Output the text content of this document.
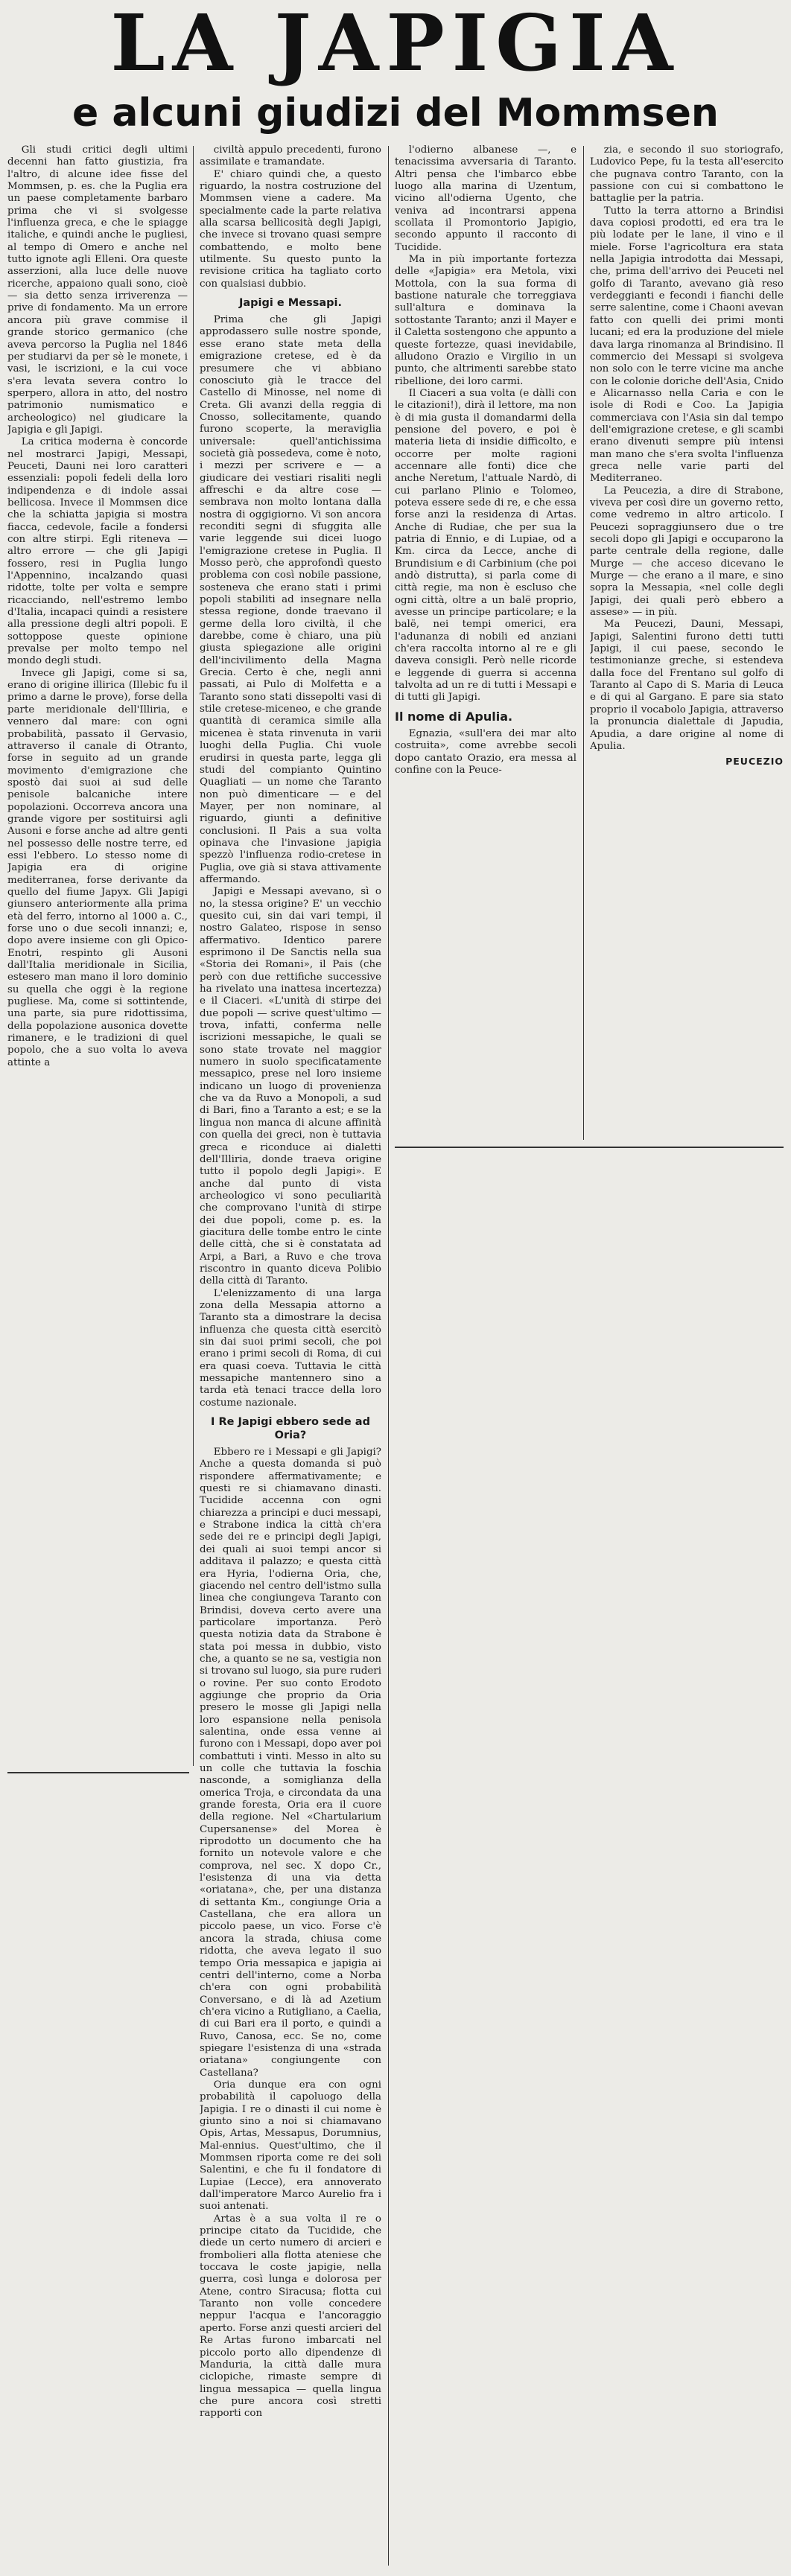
LA JAPIGIA
e alcuni giudizi del Mommsen

Gli studi critici degli ultimi decenni han fatto giustizia, fra l'altro, di alcune idee fisse del Mommsen, p. es. che la Puglia era un paese completamente barbaro prima che vi si svolgesse l'influenza greca, e che le spiagge italiche, e quindi anche le pugliesi, al tempo di Omero e anche nel tutto ignote agli Elleni. Ora queste asserzioni, alla luce delle nuove ricerche, appaiono quali sono, cioè — sia detto senza irriverenza — prive di fondamento. Ma un errore ancora più grave commise il grande storico germanico (che aveva percorso la Puglia nel 1846 per studiarvi da per sè le monete, i vasi, le iscrizioni, e la cui voce s'era levata severa contro lo sperpero, allora in atto, del nostro patrimonio numismatico e archeologico) nel giudicare la Japigia e gli Japigi.

La critica moderna è concorde nel mostrarci Japigi, Messapi, Peuceti, Dauni nei loro caratteri essenziali: popoli fedeli della loro indipendenza e di indole assai bellicosa. Invece il Mommsen dice che la schiatta japigia si mostra fiacca, cedevole, facile a fondersi con altre stirpi. Egli riteneva — altro errore — che gli Japigi fossero, resi in Puglia lungo l'Appennino, incalzando quasi ridotte, tolte per volta e sempre ricacciando, nell'estremo lembo d'Italia, incapaci quindi a resistere alla pressione degli altri popoli. E sottoppose queste opinione prevalse per molto tempo nel mondo degli studi.

Invece gli Japigi, come si sa, erano di origine illirica (Illebic fu il primo a darne le prove), forse della parte meridionale dell'Illiria, e vennero dal mare: con ogni probabilità, passato il Gervasio, attraverso il canale di Otranto, forse in seguito ad un grande movimento d'emigrazione che spostò dai suoi ai sud delle penisole balcaniche intere popolazioni. Occorreva ancora una grande vigore per sostituirsi agli Ausoni e forse anche ad altre genti nel possesso delle nostre terre, ed essi l'ebbero. Lo stesso nome di Japigia era di origine mediterranea, forse derivante da quello del fiume Japyx. Gli Japigi giunsero anteriormente alla prima età del ferro, intorno al 1000 a. C., forse uno o due secoli innanzi; e, dopo avere insieme con gli Opico-Enotri, respinto gli Ausoni dall'Italia meridionale in Sicilia, estesero man mano il loro dominio su quella che oggi è la regione pugliese. Ma, come si sottintende, una parte, sia pure ridottissima, della popolazione ausonica dovette rimanere, e le tradizioni di quel popolo, che a suo volta lo aveva attinte a

civiltà appulo precedenti, furono assimilate e tramandate.

E' chiaro quindi che, a questo riguardo, la nostra costruzione del Mommsen viene a cadere. Ma specialmente cade la parte relativa alla scarsa bellicosità degli Japigi, che invece si trovano quasi sempre combattendo, e molto bene utilmente. Su questo punto la revisione critica ha tagliato corto con qualsiasi dubbio.

Japigi e Messapi.

Prima che gli Japigi approdassero sulle nostre sponde, esse erano state meta della emigrazione cretese, ed è da presumere che vi abbiano conosciuto già le tracce del Castello di Minosse, nel nome di Creta. Gli avanzi della reggia di Cnosso, sollecitamente, quando furono scoperte, la meraviglia universale: quell'antichissima società già possedeva, come è noto, i mezzi per scrivere e — a giudicare dei vestiari risaliti negli affreschi e da altre cose — sembrava non molto lontana dalla nostra di oggigiorno. Vi son ancora reconditi segni di sfuggita alle varie leggende sui dicei luogo l'emigrazione cretese in Puglia. Il Mosso però, che approfondì questo problema con così nobile passione, sosteneva che erano stati i primi popoli stabiliti ad insegnare nella stessa regione, donde traevano il germe della loro civiltà, il che darebbe, come è chiaro, una più giusta spiegazione alle origini dell'incivilimento della Magna Grecia. Certo è che, negli anni passati, ai Pulo di Molfetta e a Taranto sono stati dissepolti vasi di stile cretese-miceneo, e che grande quantità di ceramica simile alla micenea è stata rinvenuta in varii luoghi della Puglia. Chi vuole erudirsi in questa parte, legga gli studi del compianto Quintino Quagliati — un nome che Taranto non può dimenticare — e del Mayer, per non nominare, al riguardo, giunti a definitive conclusioni. Il Pais a sua volta opinava che l'invasione japigia spezzò l'influenza rodio-cretese in Puglia, ove già si stava attivamente affermando.

Japigi e Messapi avevano, sì o no, la stessa origine? E' un vecchio quesito cui, sin dai vari tempi, il nostro Galateo, rispose in senso affermativo. Identico parere esprimono il De Sanctis nella sua «Storia dei Romani», il Pais (che però con due rettifiche successive ha rivelato una inattesa incertezza) e il Ciaceri. «L'unità di stirpe dei due popoli — scrive quest'ultimo — trova, infatti, conferma nelle iscrizioni messapiche, le quali se sono state trovate nel maggior numero in suolo specificatamente messapico, prese nel loro insieme indicano un luogo di provenienza che va da Ruvo a Monopoli, a sud di Bari, fino a Taranto a est; e se la lingua non manca di alcune affinità con quella dei greci, non è tuttavia greca e riconduce ai dialetti dell'Illiria, donde traeva origine tutto il popolo degli Japigi». E anche dal punto di vista archeologico vi sono peculiarità che comprovano l'unità di stirpe dei due popoli, come p. es. la giacitura delle tombe entro le cinte delle città, che si è constatata ad Arpi, a Bari, a Ruvo e che trova riscontro in quanto diceva Polibio della città di Taranto.

L'elenizzamento di una larga zona della Messapia attorno a Taranto sta a dimostrare la decisa influenza che questa città esercitò sin dai suoi primi secoli, che poi erano i primi secoli di Roma, di cui era quasi coeva. Tuttavia le città messapiche mantennero sino a tarda età tenaci tracce della loro costume nazionale.

I Re Japigi ebbero sede ad Oria?

Ebbero re i Messapi e gli Japigi? Anche a questa domanda si può rispondere affermativamente; e questi re si chiamavano dinasti. Tucidide accenna con ogni chiarezza a principi e duci messapi, e Strabone indica la città ch'era sede dei re e principi degli Japigi, dei quali ai suoi tempi ancor si additava il palazzo; e questa città era Hyria, l'odierna Oria, che, giacendo nel centro dell'istmo sulla linea che congiungeva Taranto con Brindisi, doveva certo avere una particolare importanza. Però questa notizia data da Strabone è stata poi messa in dubbio, visto che, a quanto se ne sa, vestigia non si trovano sul luogo, sia pure ruderi o rovine. Per suo conto Erodoto aggiunge che proprio da Oria presero le mosse gli Japigi nella loro espansione nella penisola salentina, onde essa venne ai furono con i Messapi, dopo aver poi combattuti i vinti. Messo in alto su un colle che tuttavia la foschia nasconde, a somiglianza della omerica Troja, e circondata da una grande foresta, Oria era il cuore della regione. Nel «Chartularium Cupersanense» del Morea è riprodotto un documento che ha fornito un notevole valore e che comprova, nel sec. X dopo Cr., l'esistenza di una via detta «oriatana», che, per una distanza di settanta Km., congiunge Oria a Castellana, che era allora un piccolo paese, un vico. Forse c'è ancora la strada, chiusa come ridotta, che aveva legato il suo tempo Oria messapica e japigia ai centri dell'interno, come a Norba ch'era con ogni probabilità Conversano, e di là ad Azetium ch'era vicino a Rutigliano, a Caelia, di cui Bari era il porto, e quindi a Ruvo, Canosa, ecc. Se no, come spiegare l'esistenza di una «strada oriatana» congiungente con Castellana?

Oria dunque era con ogni probabilità il capoluogo della Japigia. I re o dinasti il cui nome è giunto sino a noi si chiamavano Opis, Artas, Messapus, Dorumnius, Mal-ennius. Quest'ultimo, che il Mommsen riporta come re dei soli Salentini, e che fu il fondatore di Lupiae (Lecce), era annoverato dall'imperatore Marco Aurelio fra i suoi antenati.

Artas è a sua volta il re o principe citato da Tucidide, che diede un certo numero di arcieri e frombolieri alla flotta ateniese che toccava le coste japigie, nella guerra, così lunga e dolorosa per Atene, contro Siracusa; flotta cui Taranto non volle concedere neppur l'acqua e l'ancoraggio aperto. Forse anzi questi arcieri del Re Artas furono imbarcati nel piccolo porto allo dipendenze di Manduria, la città dalle mura ciclopiche, rimaste sempre di lingua messapica — quella lingua che pure ancora così stretti rapporti con

l'odierno albanese —, e tenacissima avversaria di Taranto. Altri pensa che l'imbarco ebbe luogo alla marina di Uzentum, vicino all'odierna Ugento, che veniva ad incontrarsi appena scollata il Promontorio Japigio, secondo appunto il racconto di Tucidide.

Ma in più importante fortezza delle «Japigia» era Metola, vixi Mottola, con la sua forma di bastione naturale che torreggiava sull'altura e dominava la sottostante Taranto; anzi il Mayer e il Caletta sostengono che appunto a queste fortezze, quasi inevidabile, alludono Orazio e Virgilio in un punto, che altrimenti sarebbe stato ribellione, dei loro carmi.

Il Ciaceri a sua volta (e dàlli con le citazioni!), dirà il lettore, ma non è di mia gusta il domandarmi della pensione del povero, e poi è materia lieta di insidie difficolto, e occorre per molte ragioni accennare alle fonti) dice che anche Neretum, l'attuale Nardò, di cui parlano Plinio e Tolomeo, poteva essere sede di re, e che essa forse anzi la residenza di Artas. Anche di Rudiae, che per sua la patria di Ennio, e di Lupiae, od a Km. circa da Lecce, anche di Brundisium e di Carbinium (che poi andò distrutta), si parla come di città regie, ma non è escluso che ogni città, oltre a un balë proprio, avesse un principe particolare; e la balë, nei tempi omerici, era l'adunanza di nobili ed anziani ch'era raccolta intorno al re e gli daveva consigli. Però nelle ricorde e leggende di guerra si accenna talvolta ad un re di tutti i Messapi e di tutti gli Japigi.

Il nome di Apulia.

Egnazia, «sull'era dei mar alto costruita», come avrebbe secoli dopo cantato Orazio, era messa al confine con la Peuce-

zia, e secondo il suo storiografo, Ludovico Pepe, fu la testa all'esercito che pugnava contro Taranto, con la passione con cui si combattono le battaglie per la patria.

Tutto la terra attorno a Brindisi dava copiosi prodotti, ed era tra le più lodate per le lane, il vino e il miele. Forse l'agricoltura era stata nella Japigia introdotta dai Messapi, che, prima dell'arrivo dei Peuceti nel golfo di Taranto, avevano già reso verdeggianti e fecondi i fianchi delle serre salentine, come i Chaoni avevan fatto con quelli dei primi monti lucani; ed era la produzione del miele dava larga rinomanza al Brindisino. Il commercio dei Messapi si svolgeva non solo con le terre vicine ma anche con le colonie doriche dell'Asia, Cnido e Alicarnasso nella Caria e con le isole di Rodi e Coo. La Japigia commerciava con l'Asia sin dal tempo dell'emigrazione cretese, e gli scambi erano divenuti sempre più intensi man mano che s'era svolta l'influenza greca nelle varie parti del Mediterraneo.

La Peucezia, a dire di Strabone, viveva per così dire un governo retto, come vedremo in altro articolo. I Peucezi sopraggiunsero due o tre secoli dopo gli Japigi e occuparono la parte centrale della regione, dalle Murge — che acceso dicevano le Murge — che erano a il mare, e sino sopra la Messapia, «nel colle degli Japigi, dei quali però ebbero a assese» — in più.

Ma Peucezi, Dauni, Messapi, Japigi, Salentini furono detti tutti Japigi, il cui paese, secondo le testimonianze greche, si estendeva dalla foce del Frentano sul golfo di Taranto al Capo di S. Maria di Leuca e di qui al Gargano. E pare sia stato proprio il vocabolo Japigia, attraverso la pronuncia dialettale di Japudia, Apudia, a dare origine al nome di Apulia.

PEUCEZIO
